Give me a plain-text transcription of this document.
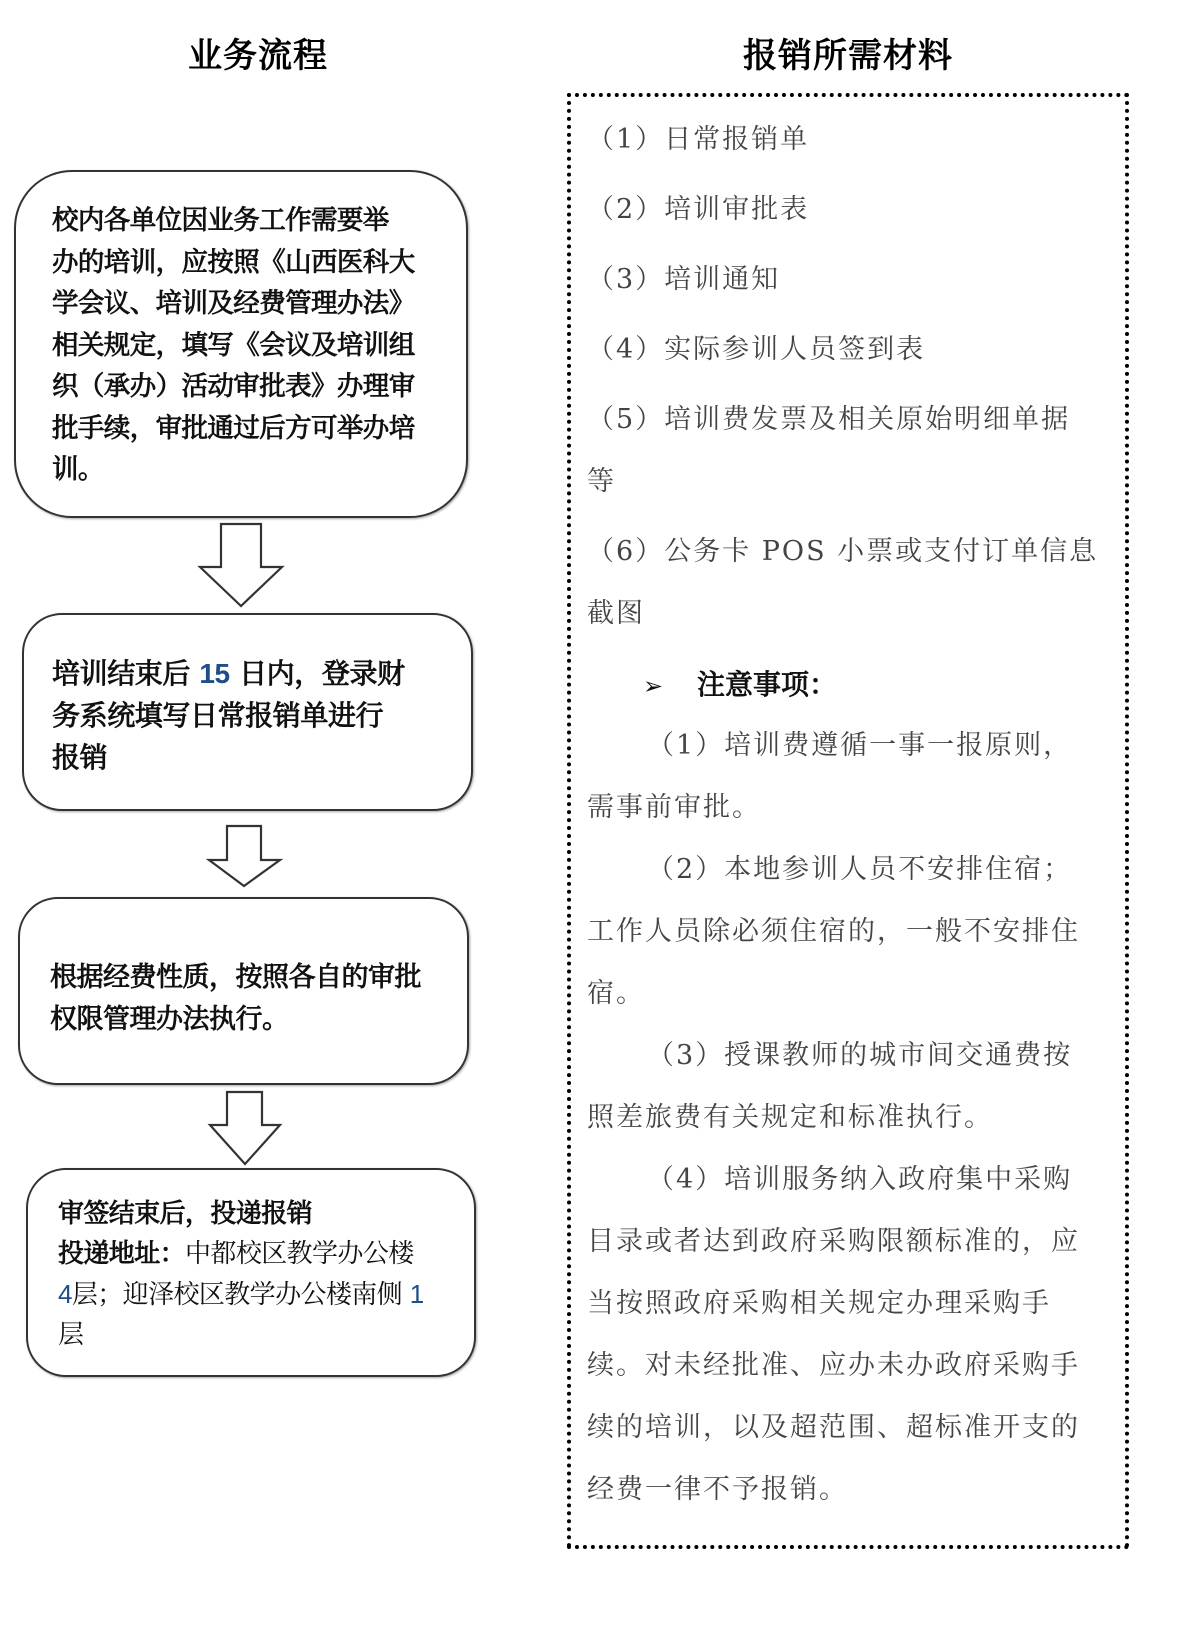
业务流程	报销所需材料
校内各单位因业务工作需要举
办的培训，应按照《山西医科大
学会议、培训及经费管理办法》
相关规定，填写《会议及培训组
织（承办）活动审批表》办理审
批手续，审批通过后方可举办培
训。
培训结束后 15 日内，登录财
务系统填写日常报销单进行
报销
根据经费性质，按照各自的审批
权限管理办法执行。
审签结束后，投递报销
投递地址：中都校区教学办公楼
4层；迎泽校区教学办公楼南侧 1
层
（1）日常报销单
（2）培训审批表
（3）培训通知
（4）实际参训人员签到表
（5）培训费发票及相关原始明细单据
等
（6）公务卡 POS 小票或支付订单信息
截图
➢ 注意事项：
（1）培训费遵循一事一报原则，
需事前审批。
（2）本地参训人员不安排住宿；
工作人员除必须住宿的，一般不安排住
宿。
（3）授课教师的城市间交通费按
照差旅费有关规定和标准执行。
（4）培训服务纳入政府集中采购
目录或者达到政府采购限额标准的，应
当按照政府采购相关规定办理采购手
续。对未经批准、应办未办政府采购手
续的培训，以及超范围、超标准开支的
经费一律不予报销。
